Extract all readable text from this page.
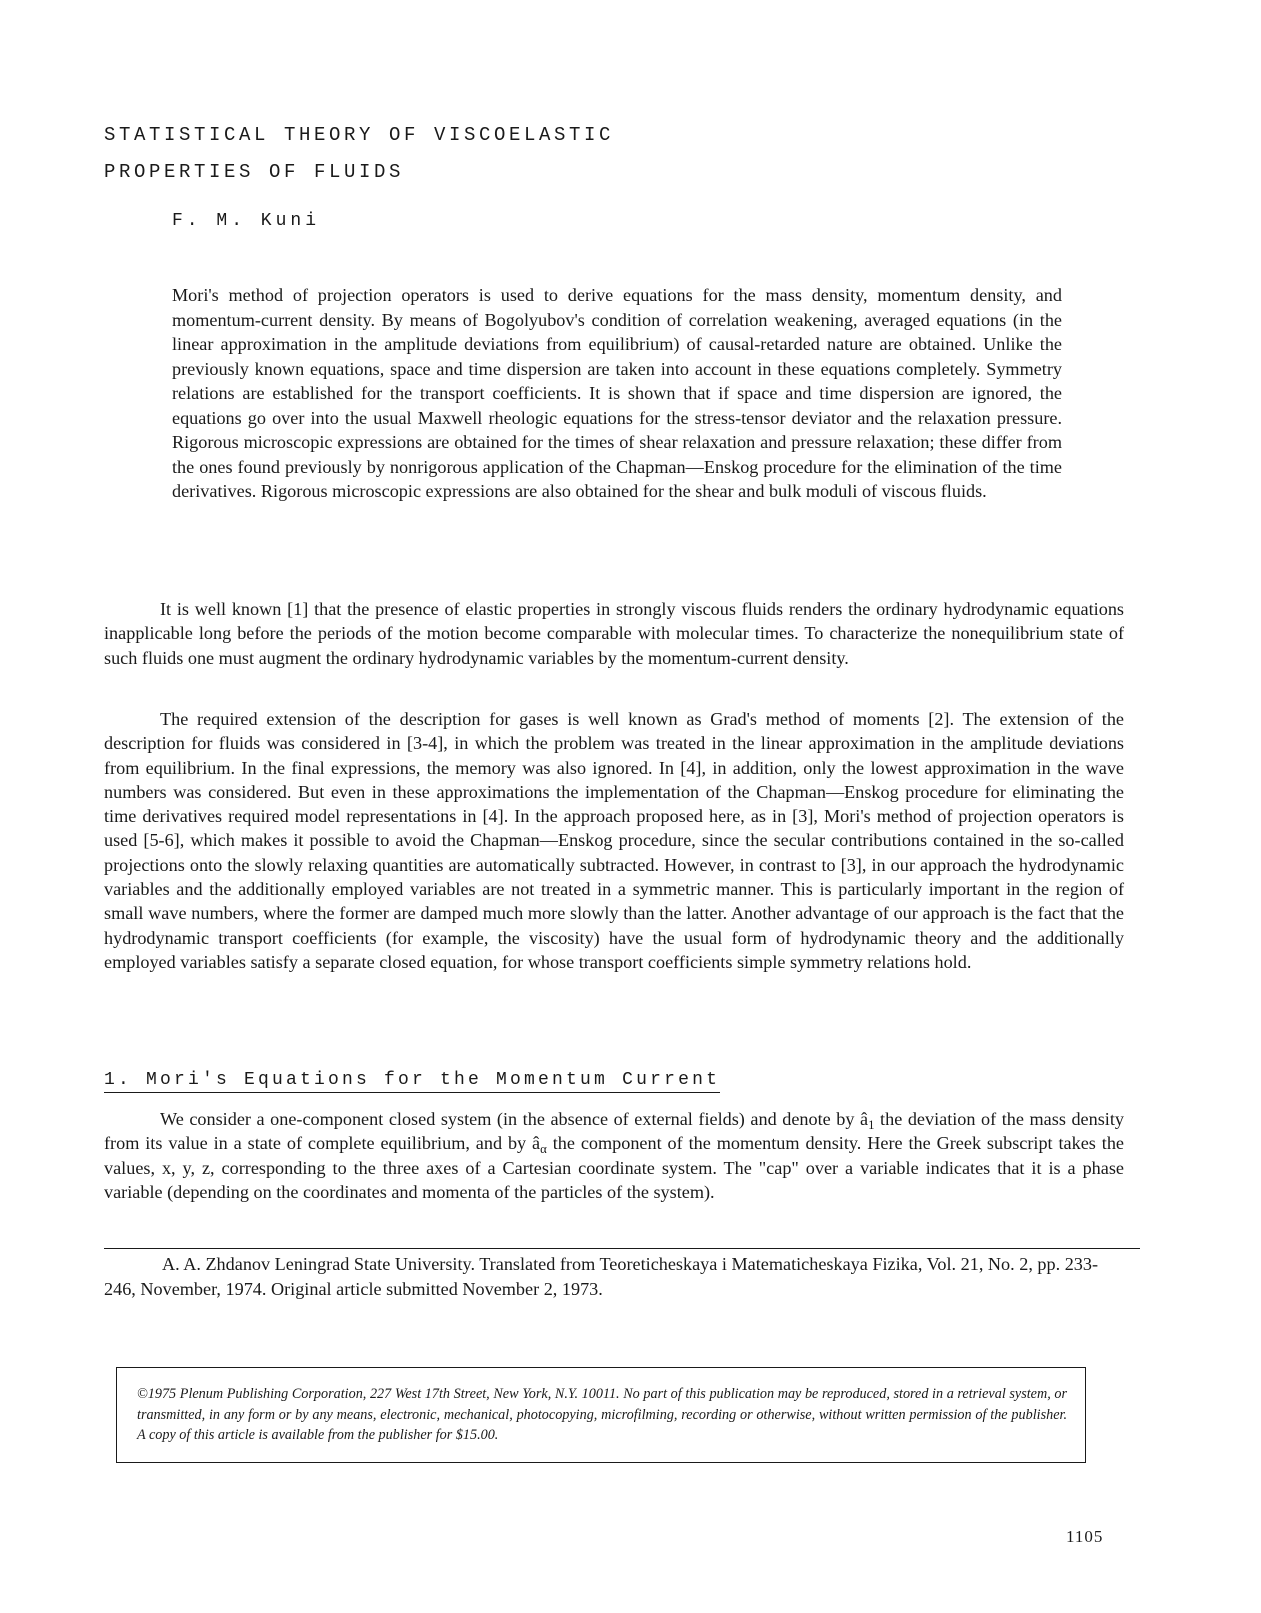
STATISTICAL THEORY OF VISCOELASTIC
PROPERTIES OF FLUIDS
F. M. Kuni

Mori's method of projection operators is used to derive equations for the mass density, momentum density, and momentum-current density. By means of Bogolyubov's condition of correlation weakening, averaged equations (in the linear approximation in the amplitude deviations from equilibrium) of causal-retarded nature are obtained. Unlike the previously known equations, space and time dispersion are taken into account in these equations completely. Symmetry relations are established for the transport coefficients. It is shown that if space and time dispersion are ignored, the equations go over into the usual Maxwell rheologic equations for the stress-tensor deviator and the relaxation pressure. Rigorous microscopic expressions are obtained for the times of shear relaxation and pressure relaxation; these differ from the ones found previously by nonrigorous application of the Chapman—Enskog procedure for the elimination of the time derivatives. Rigorous microscopic expressions are also obtained for the shear and bulk moduli of viscous fluids.

It is well known [1] that the presence of elastic properties in strongly viscous fluids renders the ordinary hydrodynamic equations inapplicable long before the periods of the motion become comparable with molecular times. To characterize the nonequilibrium state of such fluids one must augment the ordinary hydrodynamic variables by the momentum-current density.

The required extension of the description for gases is well known as Grad's method of moments [2]. The extension of the description for fluids was considered in [3-4], in which the problem was treated in the linear approximation in the amplitude deviations from equilibrium. In the final expressions, the memory was also ignored. In [4], in addition, only the lowest approximation in the wave numbers was considered. But even in these approximations the implementation of the Chapman—Enskog procedure for eliminating the time derivatives required model representations in [4]. In the approach proposed here, as in [3], Mori's method of projection operators is used [5-6], which makes it possible to avoid the Chapman—Enskog procedure, since the secular contributions contained in the so-called projections onto the slowly relaxing quantities are automatically subtracted. However, in contrast to [3], in our approach the hydrodynamic variables and the additionally employed variables are not treated in a symmetric manner. This is particularly important in the region of small wave numbers, where the former are damped much more slowly than the latter. Another advantage of our approach is the fact that the hydrodynamic transport coefficients (for example, the viscosity) have the usual form of hydrodynamic theory and the additionally employed variables satisfy a separate closed equation, for whose transport coefficients simple symmetry relations hold.

1. Mori's Equations for the Momentum Current

We consider a one-component closed system (in the absence of external fields) and denote by $â_1$ the deviation of the mass density from its value in a state of complete equilibrium, and by $â_\alpha$ the component of the momentum density. Here the Greek subscript takes the values, x, y, z, corresponding to the three axes of a Cartesian coordinate system. The "cap" over a variable indicates that it is a phase variable (depending on the coordinates and momenta of the particles of the system).

A. A. Zhdanov Leningrad State University. Translated from Teoreticheskaya i Matematicheskaya Fizika, Vol. 21, No. 2, pp. 233-246, November, 1974. Original article submitted November 2, 1973.

©1975 Plenum Publishing Corporation, 227 West 17th Street, New York, N.Y. 10011. No part of this publication may be reproduced, stored in a retrieval system, or transmitted, in any form or by any means, electronic, mechanical, photocopying, microfilming, recording or otherwise, without written permission of the publisher. A copy of this article is available from the publisher for $15.00.

1105
